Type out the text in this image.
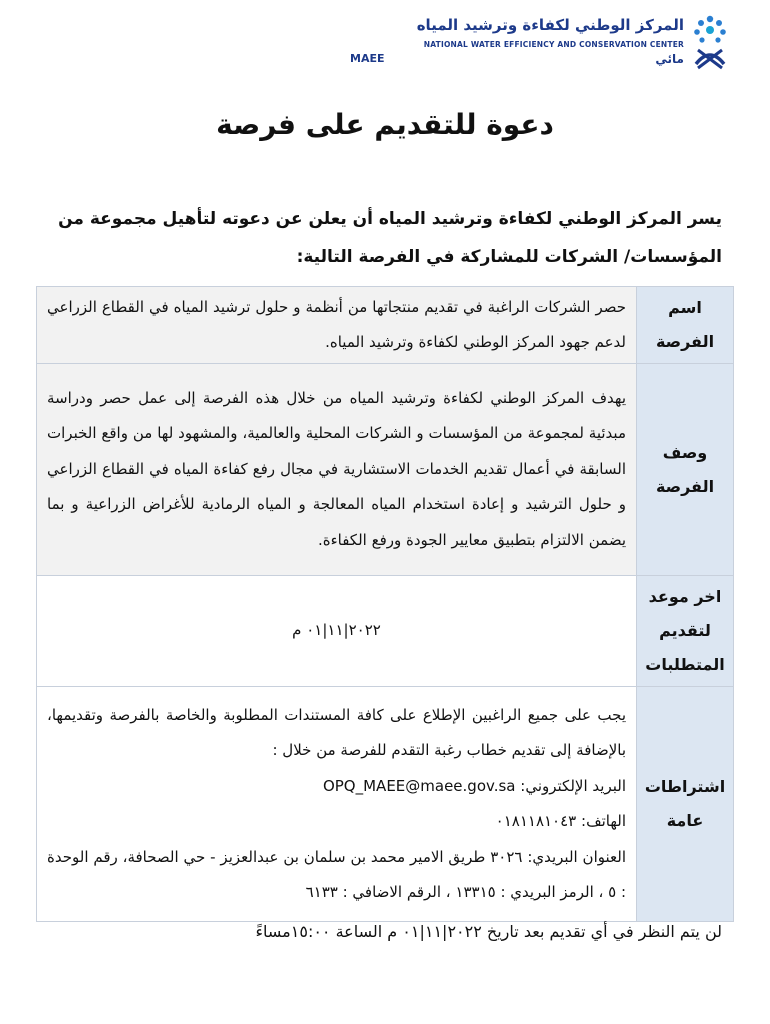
المركز الوطني لكفاءة وترشيد المياه
NATIONAL WATER EFFICIENCY AND CONSERVATION CENTER
مائي
MAEE
دعوة للتقديم على فرصة
يسر المركز الوطني لكفاءة وترشيد المياه أن يعلن عن دعوته لتأهيل مجموعة من المؤسسات/ الشركات للمشاركة في الفرصة التالية:
اسم الفرصة	حصر الشركات الراغبة في تقديم منتجاتها من أنظمة و حلول ترشيد المياه في القطاع الزراعي لدعم جهود المركز الوطني لكفاءة وترشيد المياه.
وصف الفرصة	يهدف المركز الوطني لكفاءة وترشيد المياه من خلال هذه الفرصة إلى عمل حصر ودراسة مبدئية لمجموعة من المؤسسات و الشركات المحلية والعالمية، والمشهود لها من واقع الخبرات السابقة في أعمال تقديم الخدمات الاستشارية في مجال رفع كفاءة المياه في القطاع الزراعي و حلول الترشيد و إعادة استخدام المياه المعالجة و المياه الرمادية للأغراض الزراعية و بما يضمن الالتزام بتطبيق معايير الجودة ورفع الكفاءة.
اخر موعد لتقديم المتطلبات	٢٠٢٢|١١|٠١ م
اشتراطات عامة	يجب على جميع الراغبين الإطلاع على كافة المستندات المطلوبة والخاصة بالفرصة وتقديمها، بالإضافة إلى تقديم خطاب رغبة التقدم للفرصة من خلال :
البريد الإلكتروني: OPQ_MAEE@maee.gov.sa
الهاتف: ٠١٨١١٨١٠٤٣
العنوان البريدي: ٣٠٢٦ طريق الامير محمد بن سلمان بن عبدالعزيز - حي الصحافة، رقم الوحدة : ٥ ، الرمز البريدي : ١٣٣١٥ ، الرقم الاضافي : ٦١٣٣
لن يتم النظر في أي تقديم بعد تاريخ ٢٠٢٢|١١|٠١ م الساعة ١٥:٠٠مساءً
